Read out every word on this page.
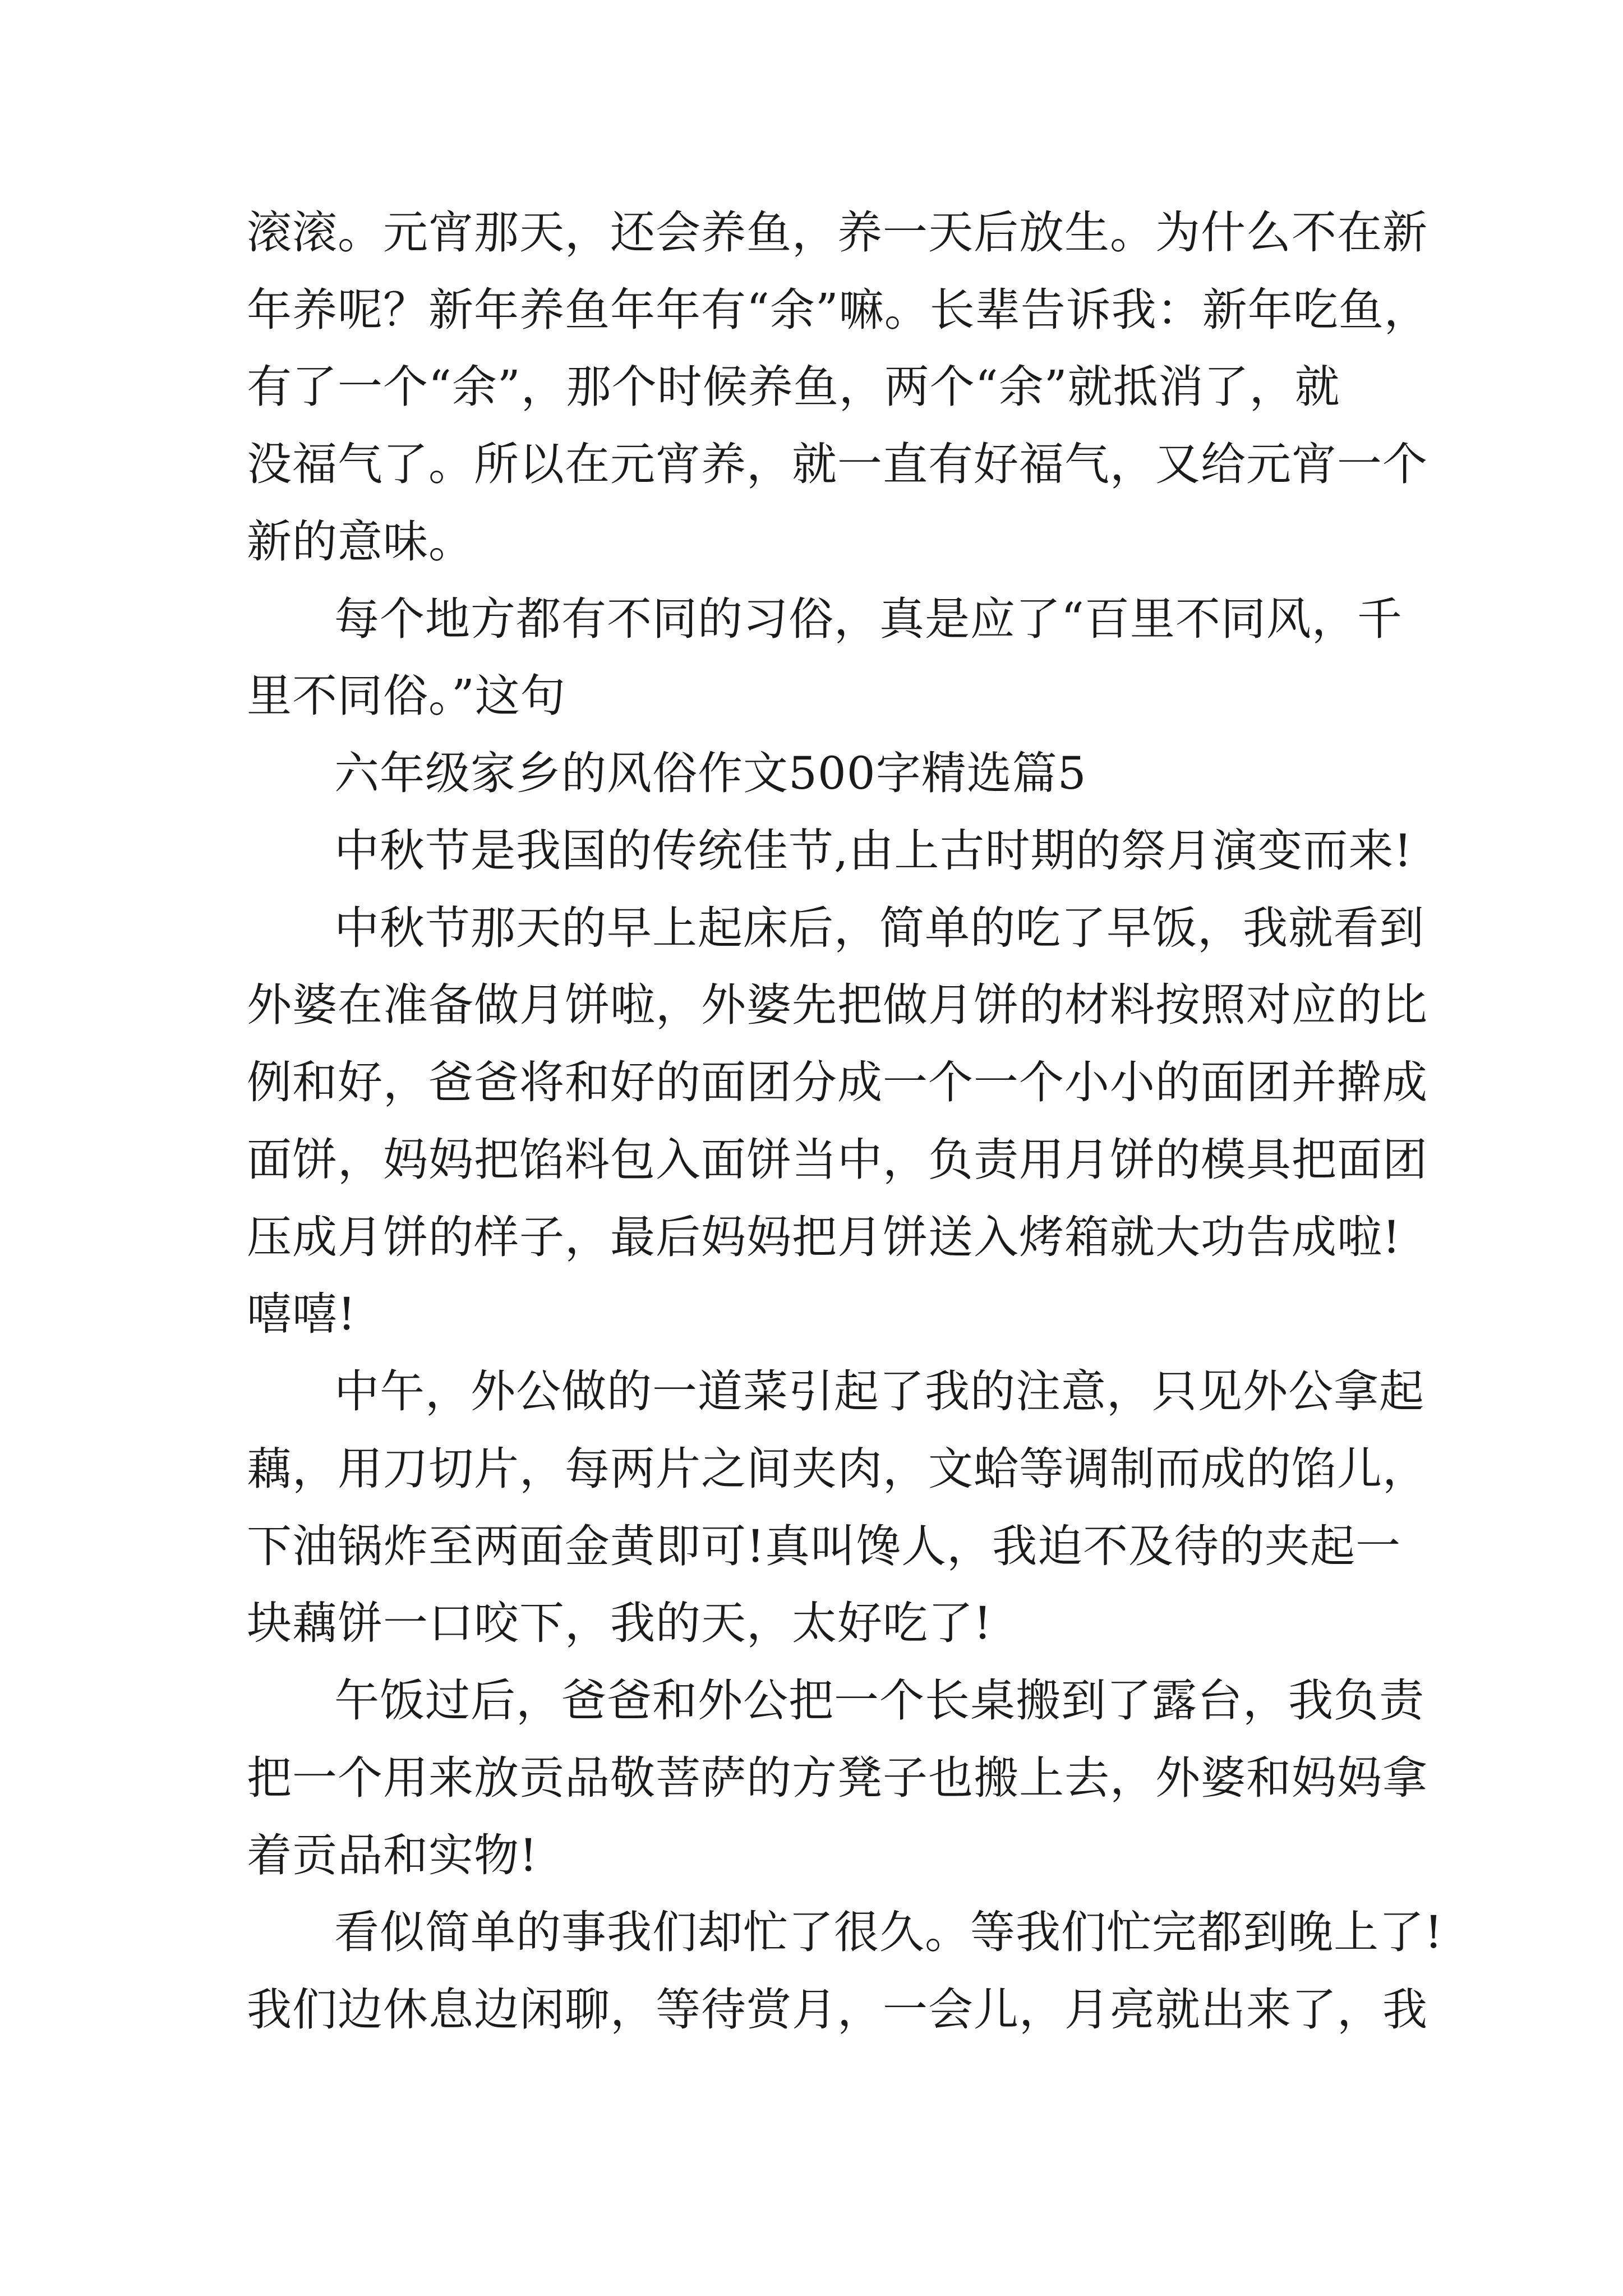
滚滚。元宵那天，还会养鱼，养一天后放生。为什么不在新
年养呢？新年养鱼年年有“余”嘛。长辈告诉我：新年吃鱼，
有了一个“余”，那个时候养鱼，两个“余”就抵消了，就
没福气了。所以在元宵养，就一直有好福气，又给元宵一个
新的意味。
每个地方都有不同的习俗，真是应了“百里不同风，千
里不同俗。”这句
六年级家乡的风俗作文500字精选篇5
中秋节是我国的传统佳节,由上古时期的祭月演变而来!
中秋节那天的早上起床后，简单的吃了早饭，我就看到
外婆在准备做月饼啦，外婆先把做月饼的材料按照对应的比
例和好，爸爸将和好的面团分成一个一个小小的面团并擀成
面饼，妈妈把馅料包入面饼当中，负责用月饼的模具把面团
压成月饼的样子，最后妈妈把月饼送入烤箱就大功告成啦!
嘻嘻!
中午，外公做的一道菜引起了我的注意，只见外公拿起
藕，用刀切片，每两片之间夹肉，文蛤等调制而成的馅儿，
下油锅炸至两面金黄即可!真叫馋人，我迫不及待的夹起一
块藕饼一口咬下，我的天，太好吃了!
午饭过后，爸爸和外公把一个长桌搬到了露台，我负责
把一个用来放贡品敬菩萨的方凳子也搬上去，外婆和妈妈拿
着贡品和实物!
看似简单的事我们却忙了很久。等我们忙完都到晚上了!
我们边休息边闲聊，等待赏月，一会儿，月亮就出来了，我
